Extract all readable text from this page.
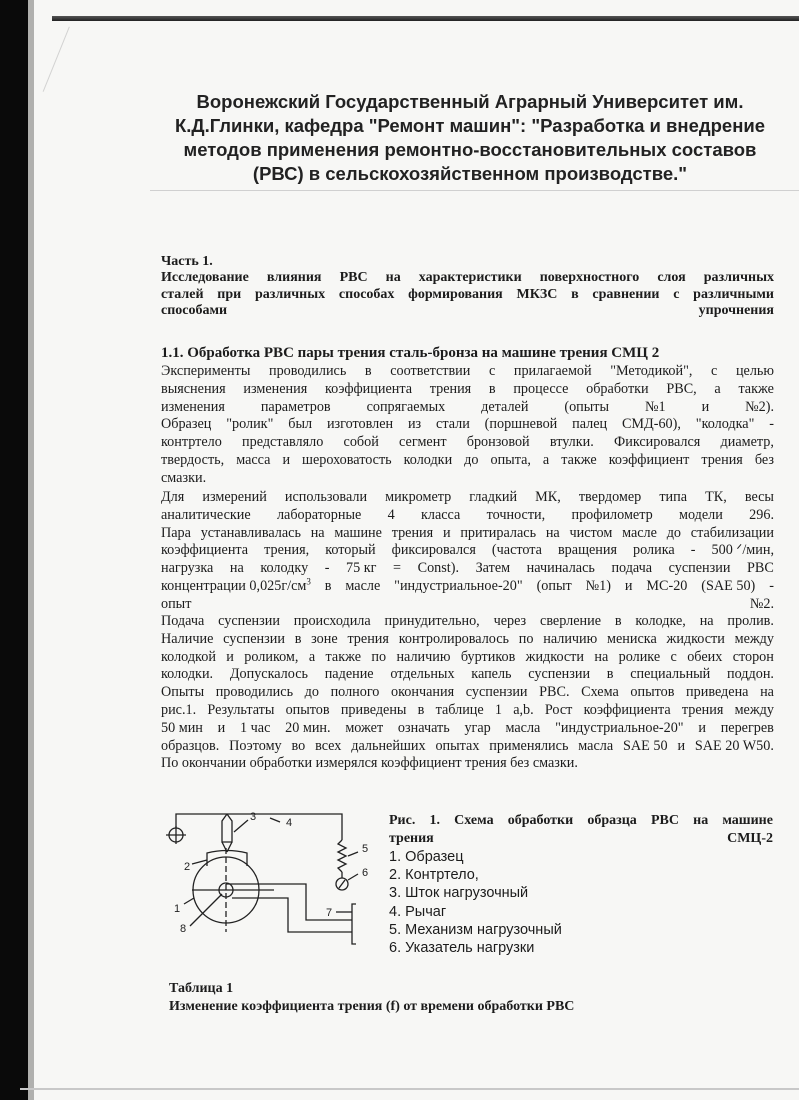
Воронежский Государственный Аграрный Университет им.
К.Д.Глинки, кафедра "Ремонт машин": "Разработка и внедрение
методов применения ремонтно-восстановительных составов
(РВС) в сельскохозяйственном производстве."
Часть 1.
Исследование влияния РВС на характеристики поверхностного слоя различных
сталей при различных способах формирования МКЗС в сравнении с различными
способами	упрочнения
1.1. Обработка РВС пары трения сталь-бронза на машине трения СМЦ 2
Эксперименты проводились в соответствии с прилагаемой "Методикой", с целью
выяснения изменения коэффициента трения в процессе обработки РВС, а также
изменения	параметров	сопрягаемых	деталей	(опыты	№1	и	№2).
Образец "ролик" был изготовлен из стали (поршневой палец СМД-60), "колодка" -
контртело представляло собой сегмент бронзовой втулки. Фиксировался диаметр,
твердость, масса и шероховатость колодки до опыта, а также коэффициент трения без
смазки.
Для измерений использовали микрометр гладкий МК, твердомер типа ТК, весы
аналитические лабораторные 4 класса точности, профилометр модели 296.
Пара устанавливалась на машине трения и притиралась на чистом масле до стабилизации
коэффициента трения, который фиксировался (частота вращения ролика - 500 ᐟ/мин,
нагрузка на колодку - 75 кг = Const). Затем начиналась подача суспензии РВС
концентрации $0,025г/см^3$ в масле "индустриальное-20" (опыт №1) и МС-20 (SAE 50) -
опыт	№2.
Подача суспензии происходила принудительно, через сверление в колодке, на пролив.
Наличие суспензии в зоне трения контролировалось по наличию мениска жидкости между
колодкой и роликом, а также по наличию буртиков жидкости на ролике с обеих сторон
колодки. Допускалось падение отдельных капель суспензии в специальный поддон.
Опыты проводились до полного окончания суспензии РВС. Схема опытов приведена на
рис.1. Результаты опытов приведены в таблице 1 a,b. Рост коэффициента трения между
50 мин и 1 час 20 мин. может означать угар масла "индустриальное-20" и перегрев
образцов. Поэтому во всех дальнейших опытах применялись масла SAE 50 и SAE 20 W50.
По окончании обработки измерялся коэффициент трения без смазки.
1
2
3	4
5
6
7
8
Рис. 1. Схема обработки образца РВС на машине
трения	СМЦ-2
1. Образец
2. Контртело,
3. Шток нагрузочный
4. Рычаг
5. Механизм нагрузочный
6. Указатель нагрузки
Таблица 1
Изменение коэффициента трения (f) от времени обработки РВС
